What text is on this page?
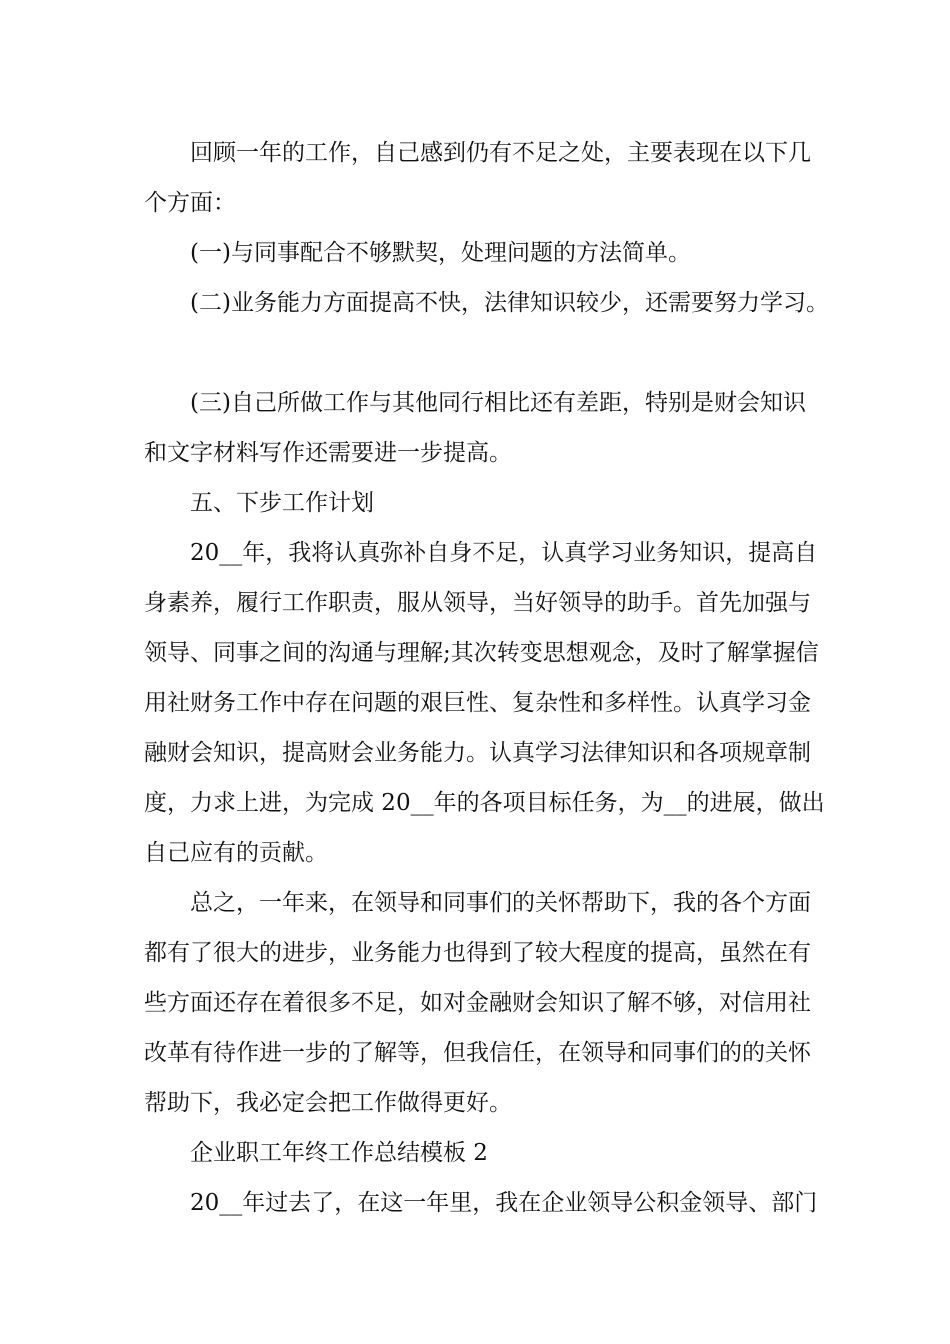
回顾一年的工作，自己感到仍有不足之处，主要表现在以下几
个方面：
(一)与同事配合不够默契，处理问题的方法简单。
(二)业务能力方面提高不快，法律知识较少，还需要努力学习。
(三)自己所做工作与其他同行相比还有差距，特别是财会知识
和文字材料写作还需要进一步提高。
五、下步工作计划
20__年，我将认真弥补自身不足，认真学习业务知识，提高自
身素养，履行工作职责，服从领导，当好领导的助手。首先加强与
领导、同事之间的沟通与理解;其次转变思想观念，及时了解掌握信
用社财务工作中存在问题的艰巨性、复杂性和多样性。认真学习金
融财会知识，提高财会业务能力。认真学习法律知识和各项规章制
度，力求上进，为完成 20__年的各项目标任务，为__的进展，做出
自己应有的贡献。
总之，一年来，在领导和同事们的关怀帮助下，我的各个方面
都有了很大的进步，业务能力也得到了较大程度的提高，虽然在有
些方面还存在着很多不足，如对金融财会知识了解不够，对信用社
改革有待作进一步的了解等，但我信任，在领导和同事们的的关怀
帮助下，我必定会把工作做得更好。
企业职工年终工作总结模板 2
20__年过去了，在这一年里，我在企业领导公积金领导、部门
